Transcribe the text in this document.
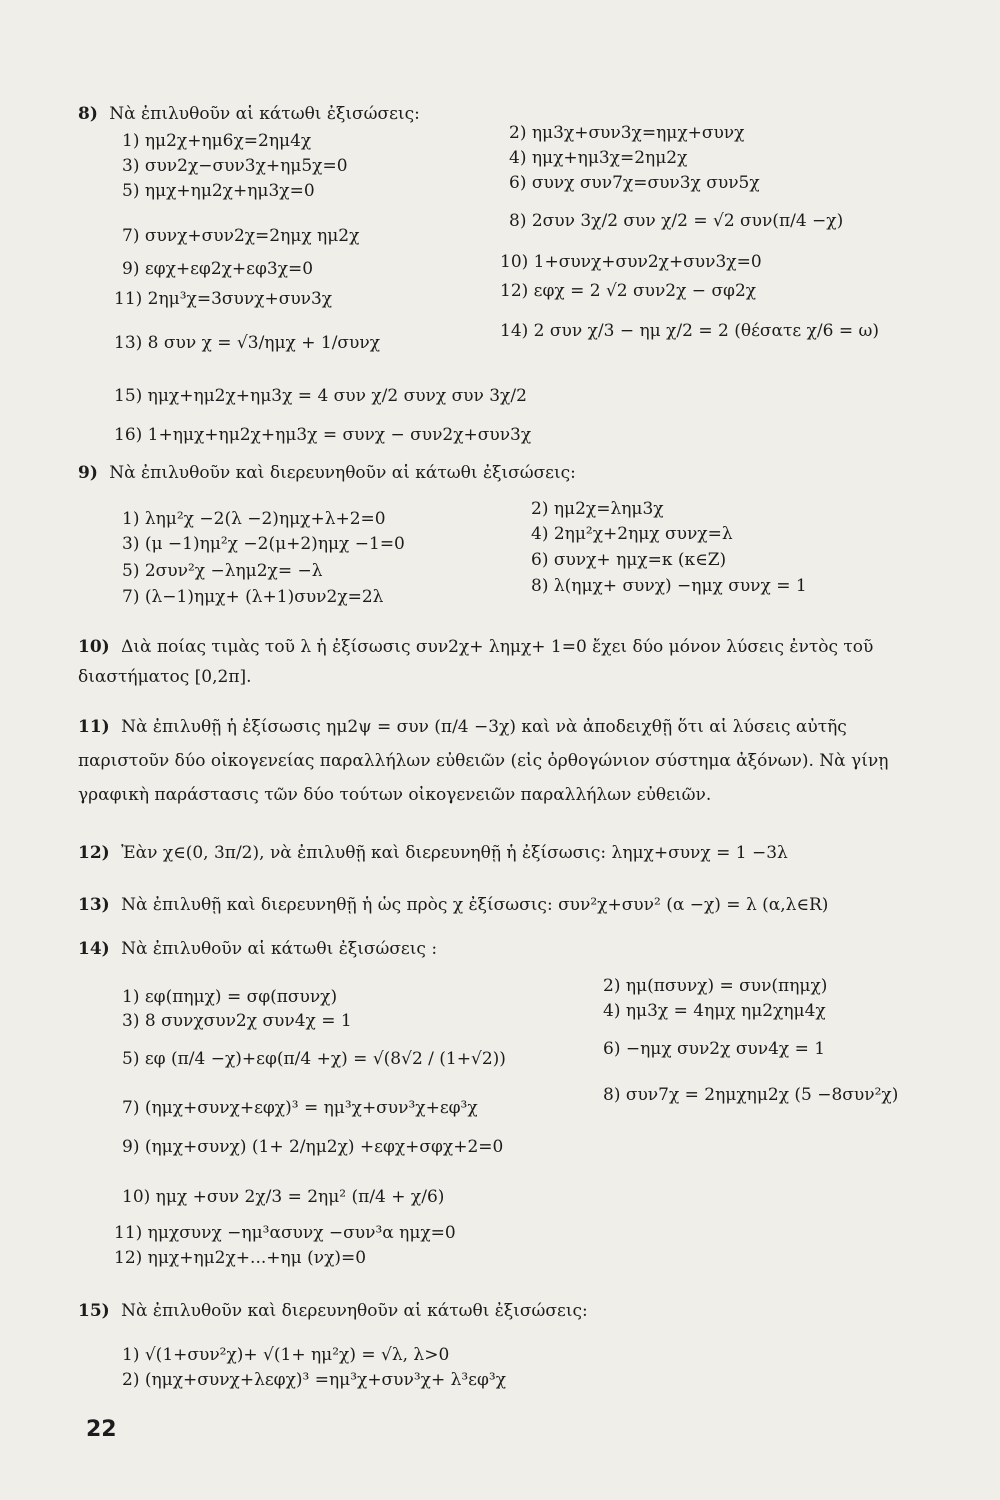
8) Νὰ ἐπιλυθοῦν αἱ κάτωθι ἐξισώσεις:
1) ημ2χ+ημ6χ=2ημ4χ	2) ημ3χ+συν3χ=ημχ+συνχ
3) συν2χ−συν3χ+ημ5χ=0	4) ημχ+ημ3χ=2ημ2χ
5) ημχ+ημ2χ+ημ3χ=0	6) συνχ συν7χ=συν3χ συν5χ
7) συνχ+συν2χ=2ημχ ημ2χ
8) 2συν 3χ/2 συν χ/2 = √2 συν(π/4 −χ)
9) εφχ+εφ2χ+εφ3χ=0	10) 1+συνχ+συν2χ+συν3χ=0
11) 2ημ³χ=3συνχ+συν3χ	12) εφχ = 2 √2 συν2χ − σφ2χ
13) 8 συν χ = √3/ημχ + 1/συνχ
14) 2 συν χ/3 − ημ χ/2 = 2 (θέσατε χ/6 = ω)
15) ημχ+ημ2χ+ημ3χ = 4 συν χ/2 συνχ συν 3χ/2
16) 1+ημχ+ημ2χ+ημ3χ = συνχ − συν2χ+συν3χ
9) Νὰ ἐπιλυθοῦν καὶ διερευνηθοῦν αἱ κάτωθι ἐξισώσεις:
1) λημ²χ −2(λ −2)ημχ+λ+2=0	2) ημ2χ=λημ3χ
3) (μ −1)ημ²χ −2(μ+2)ημχ −1=0	4) 2ημ²χ+2ημχ συνχ=λ
5) 2συν²χ −λημ2χ= −λ
6) συνχ+ ημχ=κ (κ∈Ζ)
7) (λ−1)ημχ+ (λ+1)συν2χ=2λ
8) λ(ημχ+ συνχ) −ημχ συνχ = 1
10) Διὰ ποίας τιμὰς τοῦ λ ἡ ἐξίσωσις συν2χ+ λημχ+ 1=0 ἔχει δύο μόνον λύσεις ἐντὸς τοῦ διαστήματος [0,2π].
11) Νὰ ἐπιλυθῇ ἡ ἐξίσωσις ημ2ψ = συν (π/4 −3χ) καὶ νὰ ἀποδειχθῇ ὅτι αἱ λύσεις αὐτῆς παριστοῦν δύο οἰκογενείας παραλλήλων εὐθειῶν (εἰς ὀρθογώνιον σύστημα ἀξόνων). Νὰ γίνῃ γραφικὴ παράστασις τῶν δύο τούτων οἰκογενειῶν παραλλήλων εὐθειῶν.
12) Ἐὰν χ∈(0, 3π/2), νὰ ἐπιλυθῇ καὶ διερευνηθῇ ἡ ἐξίσωσις: λημχ+συνχ = 1 −3λ
13) Νὰ ἐπιλυθῇ καὶ διερευνηθῇ ἡ ὡς πρὸς χ ἐξίσωσις: συν²χ+συν² (α −χ) = λ (α,λ∈R)
14) Νὰ ἐπιλυθοῦν αἱ κάτωθι ἐξισώσεις :
1) εφ(πημχ) = σφ(πσυνχ)
2) ημ(πσυνχ) = συν(πημχ)
3) 8 συνχσυν2χ συν4χ = 1	4) ημ3χ = 4ημχ ημ2χημ4χ
5) εφ (π/4 −χ)+εφ(π/4 +χ) = √(8√2 / (1+√2))	6) −ημχ συν2χ συν4χ = 1
7) (ημχ+συνχ+εφχ)³ = ημ³χ+συν³χ+εφ³χ
8) συν7χ = 2ημχημ2χ (5 −8συν²χ)
9) (ημχ+συνχ) (1+ 2/ημ2χ) +εφχ+σφχ+2=0
10) ημχ +συν 2χ/3 = 2ημ² (π/4 + χ/6)
11) ημχσυνχ −ημ³ασυνχ −συν³α ημχ=0
12) ημχ+ημ2χ+...+ημ (νχ)=0
15) Νὰ ἐπιλυθοῦν καὶ διερευνηθοῦν αἱ κάτωθι ἐξισώσεις:
1) √(1+συν²χ)+ √(1+ ημ²χ) = √λ, λ>0
2) (ημχ+συνχ+λεφχ)³ =ημ³χ+συν³χ+ λ³εφ³χ
22
